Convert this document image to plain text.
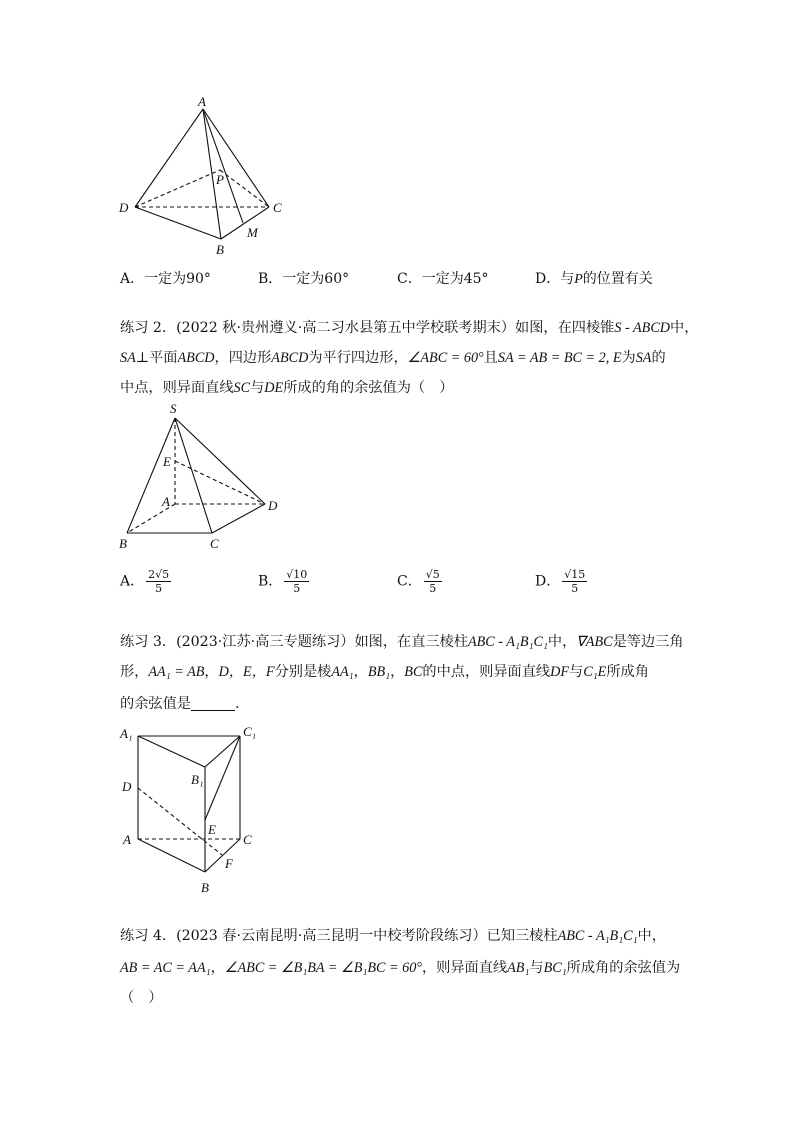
A
P
D	C
B
M
A．一定为90°	B．一定为60°	C．一定为45°	D．与P的位置有关
练习 2．(2022 秋·贵州遵义·高二习水县第五中学校联考期末）如图，在四棱锥S - ABCD中，
SA⊥平面ABCD，四边形ABCD为平行四边形，∠ABC = 60°且SA = AB = BC = 2, E为SA的
中点，则异面直线SC与DE所成的角的余弦值为（　）
S
E
A	D
B	C
A． $\frac{2√5}{5}$	B． $\frac{√10}{5}$	C． $\frac{√5}{5}$	D． $\frac{√15}{5}$
练习 3．(2023·江苏·高三专题练习）如图，在直三棱柱ABC - A₁B₁C₁中，∇ABC是等边三角
形，AA₁ = AB，D，E，F分别是棱AA₁，BB₁，BC的中点，则异面直线DF与C₁E所成角
的余弦值是	.
A₁	C₁
B₁
D
E
A	C
F
B
练习 4．(2023 春·云南昆明·高三昆明一中校考阶段练习）已知三棱柱ABC - A₁B₁C₁中，
AB = AC = AA₁，∠ABC = ∠B₁BA = ∠B₁BC = 60°，则异面直线AB₁与BC₁所成角的余弦值为
（　）
